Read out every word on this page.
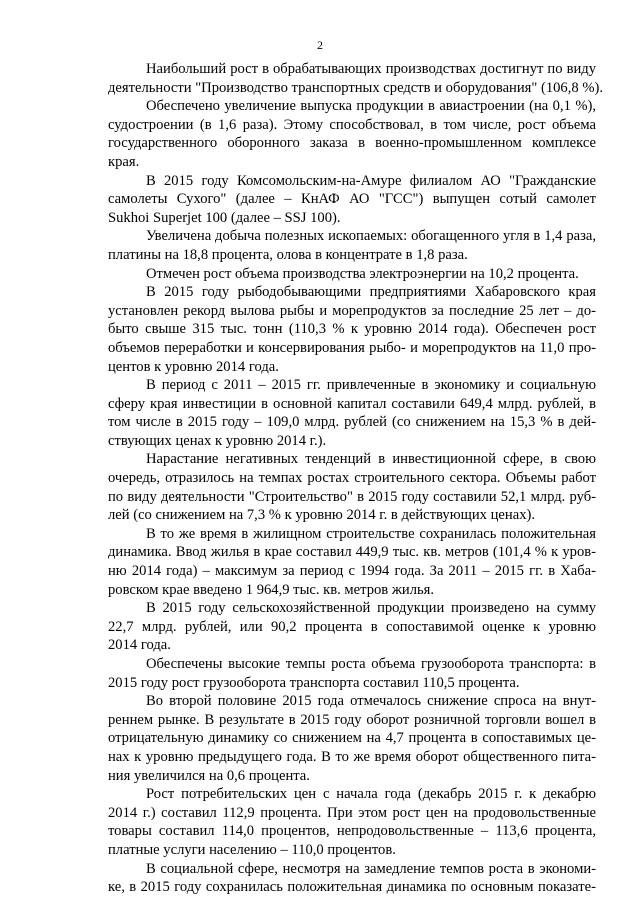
2
Наибольший рост в обрабатывающих производствах достигнут по виду
деятельности "Производство транспортных средств и оборудования" (106,8 %).
Обеспечено увеличение выпуска продукции в авиастроении (на 0,1 %),
судостроении (в 1,6 раза). Этому способствовал, в том числе, рост объема
государственного оборонного заказа в военно-промышленном комплексе
края.
В 2015 году Комсомольским-на-Амуре филиалом АО "Гражданские
самолеты Сухого" (далее – КнАФ АО "ГСС") выпущен сотый самолет
Sukhoi Superjet 100 (далее – SSJ 100).
Увеличена добыча полезных ископаемых: обогащенного угля в 1,4 раза,
платины на 18,8 процента, олова в концентрате в 1,8 раза.
Отмечен рост объема производства электроэнергии на 10,2 процента.
В 2015 году рыбодобывающими предприятиями Хабаровского края
установлен рекорд вылова рыбы и морепродуктов за последние 25 лет – до-
быто свыше 315 тыс. тонн (110,3 % к уровню 2014 года). Обеспечен рост
объемов переработки и консервирования рыбо- и морепродуктов на 11,0 про-
центов к уровню 2014 года.
В период с 2011 – 2015 гг. привлеченные в экономику и социальную
сферу края инвестиции в основной капитал составили 649,4 млрд. рублей, в
том числе в 2015 году – 109,0 млрд. рублей (со снижением на 15,3 % в дей-
ствующих ценах к уровню 2014 г.).
Нарастание негативных тенденций в инвестиционной сфере, в свою
очередь, отразилось на темпах ростах строительного сектора. Объемы работ
по виду деятельности "Строительство" в 2015 году составили 52,1 млрд. руб-
лей (со снижением на 7,3 % к уровню 2014 г. в действующих ценах).
В то же время в жилищном строительстве сохранилась положительная
динамика. Ввод жилья в крае составил 449,9 тыс. кв. метров (101,4 % к уров-
ню 2014 года) – максимум за период с 1994 года. За 2011 – 2015 гг. в Хаба-
ровском крае введено 1 964,9 тыс. кв. метров жилья.
В 2015 году сельскохозяйственной продукции произведено на сумму
22,7 млрд. рублей, или 90,2 процента в сопоставимой оценке к уровню
2014 года.
Обеспечены высокие темпы роста объема грузооборота транспорта: в
2015 году рост грузооборота транспорта составил 110,5 процента.
Во второй половине 2015 года отмечалось снижение спроса на внут-
реннем рынке. В результате в 2015 году оборот розничной торговли вошел в
отрицательную динамику со снижением на 4,7 процента в сопоставимых це-
нах к уровню предыдущего года. В то же время оборот общественного пита-
ния увеличился на 0,6 процента.
Рост потребительских цен с начала года (декабрь 2015 г. к декабрю
2014 г.) составил 112,9 процента. При этом рост цен на продовольственные
товары составил 114,0 процентов, непродовольственные – 113,6 процента,
платные услуги населению – 110,0 процентов.
В социальной сфере, несмотря на замедление темпов роста в экономи-
ке, в 2015 году сохранилась положительная динамика по основным показате-
